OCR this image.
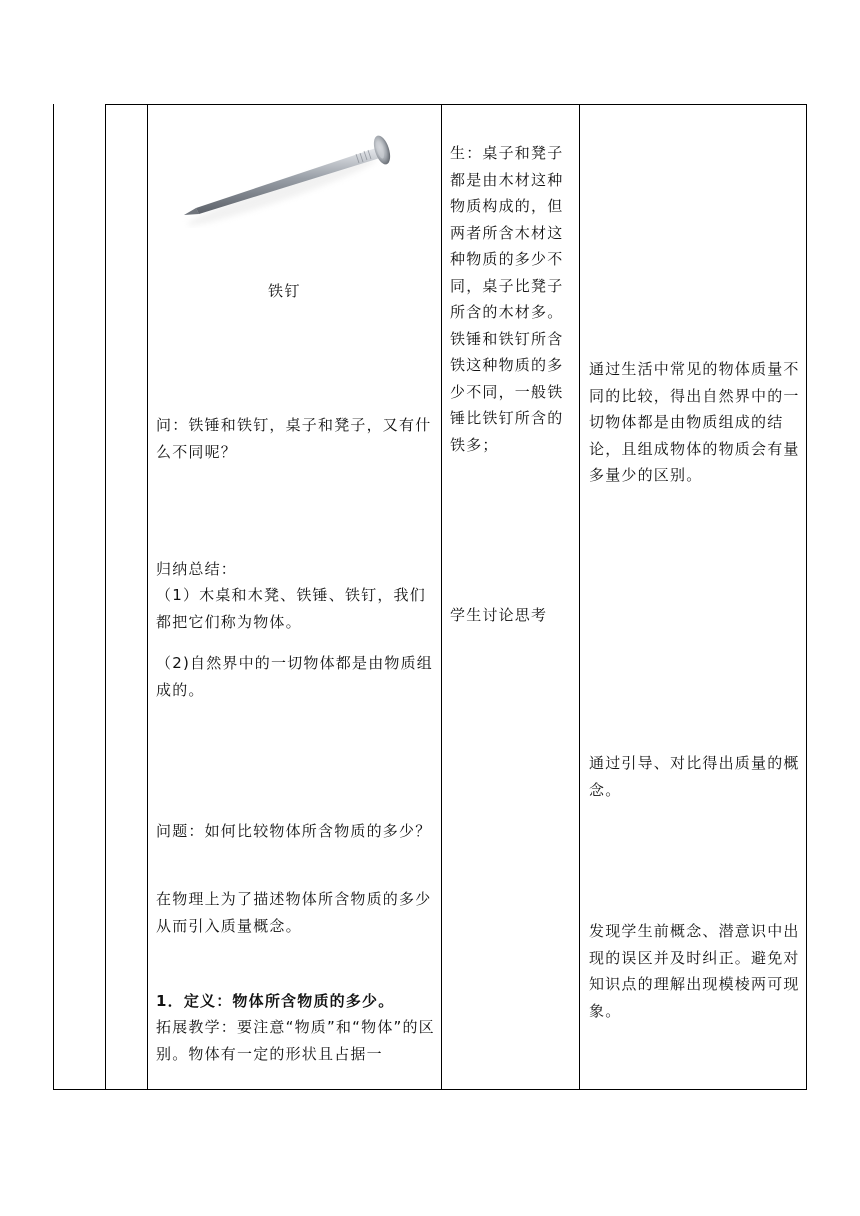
铁钉
问：铁锤和铁钉，桌子和凳子，又有什么不同呢？
归纳总结：
（1）木桌和木凳、铁锤、铁钉，我们都把它们称为物体。
（2)自然界中的一切物体都是由物质组成的。
问题：如何比较物体所含物质的多少？
在物理上为了描述物体所含物质的多少从而引入质量概念。
1．定义：物体所含物质的多少。
拓展教学：要注意“物质”和“物体”的区别。物体有一定的形状且占据一
生：桌子和凳子都是由木材这种物质构成的，但两者所含木材这种物质的多少不同，桌子比凳子所含的木材多。铁锤和铁钉所含铁这种物质的多少不同，一般铁锤比铁钉所含的铁多；
学生讨论思考
通过生活中常见的物体质量不同的比较，得出自然界中的一切物体都是由物质组成的结论，且组成物体的物质会有量多量少的区别。
通过引导、对比得出质量的概念。
发现学生前概念、潜意识中出现的误区并及时纠正。避免对知识点的理解出现模棱两可现象。
